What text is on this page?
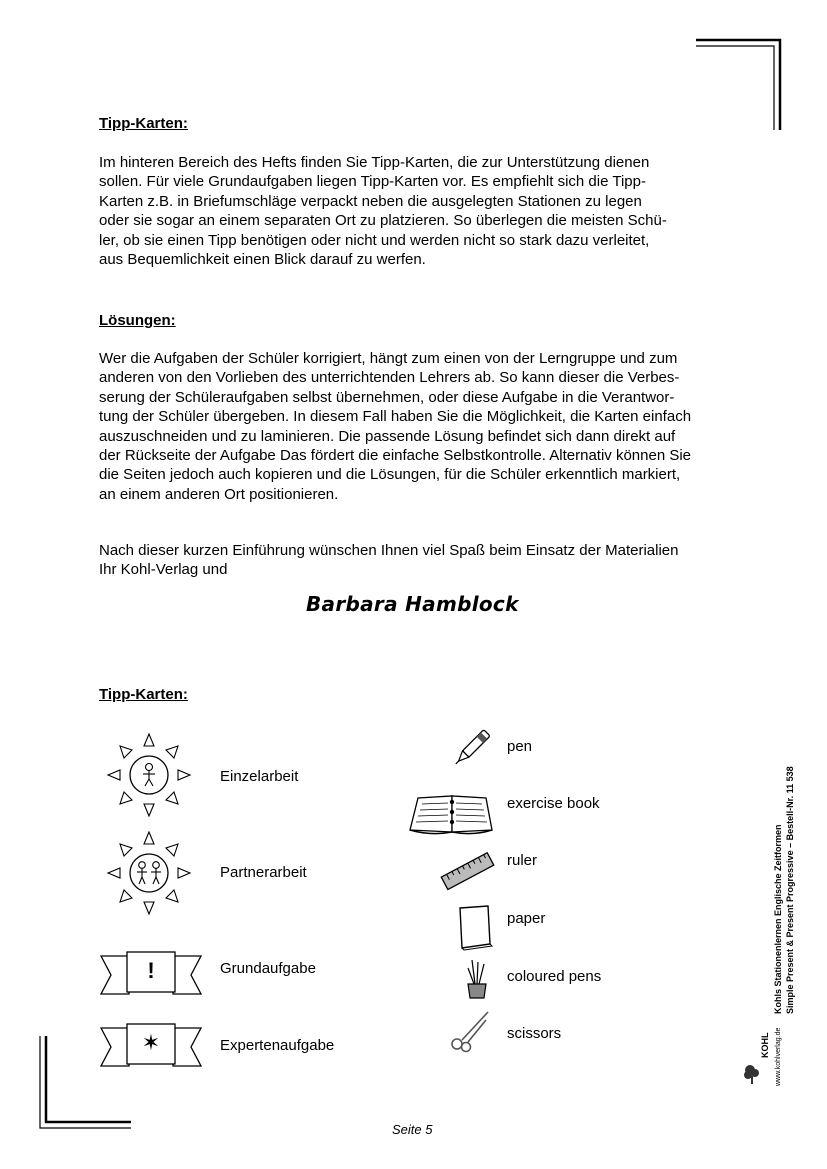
Tipp-Karten:

Im hinteren Bereich des Hefts finden Sie Tipp-Karten, die zur Unterstützung dienen
sollen. Für viele Grundaufgaben liegen Tipp-Karten vor. Es empfiehlt sich die Tipp-
Karten z.B. in Briefumschläge verpackt neben die ausgelegten Stationen zu legen
oder sie sogar an einem separaten Ort zu platzieren. So überlegen die meisten Schü-
ler, ob sie einen Tipp benötigen oder nicht und werden nicht so stark dazu verleitet,
aus Bequemlichkeit einen Blick darauf zu werfen.

Lösungen:

Wer die Aufgaben der Schüler korrigiert, hängt zum einen von der Lerngruppe und zum
anderen von den Vorlieben des unterrichtenden Lehrers ab. So kann dieser die Verbes-
serung der Schüleraufgaben selbst übernehmen, oder diese Aufgabe in die Verantwor-
tung der Schüler übergeben. In diesem Fall haben Sie die Möglichkeit, die Karten einfach
auszuschneiden und zu laminieren. Die passende Lösung befindet sich dann direkt auf
der Rückseite der Aufgabe Das fördert die einfache Selbstkontrolle. Alternativ können Sie
die Seiten jedoch auch kopieren und die Lösungen, für die Schüler erkenntlich markiert,
an einem anderen Ort positionieren.

Nach dieser kurzen Einführung wünschen Ihnen viel Spaß beim Einsatz der Materialien
Ihr Kohl-Verlag und

Barbara Hamblock
Tipp-Karten:
Einzelarbeit
Partnerarbeit
!	Grundaufgabe
✶	Expertenaufgabe
pen
exercise book
ruler
paper
coloured pens
scissors
Kohls Stationenlernen Englische Zeitformen Simple Present & Present Progressive – Bestell-Nr. 11 538
www.kohlverlag.de
KOHL
Seite 5
